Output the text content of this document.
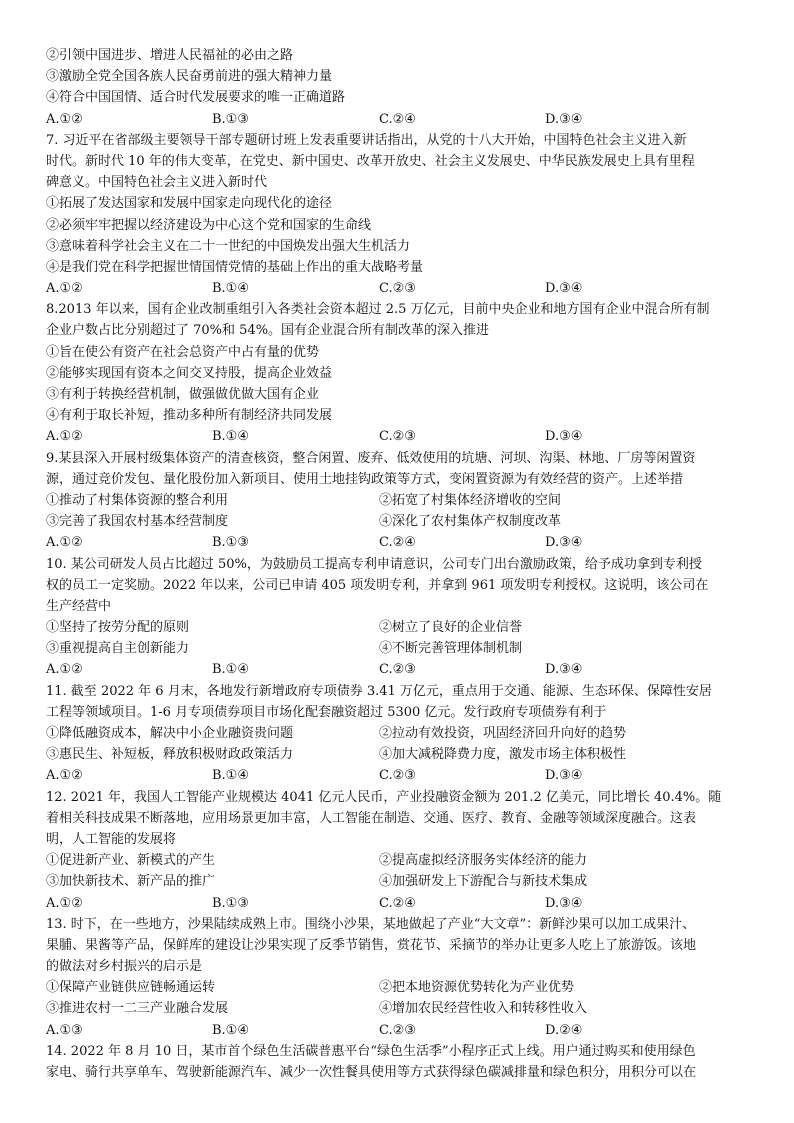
②引领中国进步、增进人民福祉的必由之路
③激励全党全国各族人民奋勇前进的强大精神力量
④符合中国国情、适合时代发展要求的唯一正确道路
A.①②	B.①③	C.②④	D.③④
7. 习近平在省部级主要领导干部专题研讨班上发表重要讲话指出，从党的十八大开始，中国特色社会主义进入新
时代。新时代 10 年的伟大变革，在党史、新中国史、改革开放史、社会主义发展史、中华民族发展史上具有里程
碑意义。中国特色社会主义进入新时代
①拓展了发达国家和发展中国家走向现代化的途径
②必须牢牢把握以经济建设为中心这个党和国家的生命线
③意味着科学社会主义在二十一世纪的中国焕发出强大生机活力
④是我们党在科学把握世情国情党情的基础上作出的重大战略考量
A.①②	B.①④	C.②③	D.③④
8.2013 年以来，国有企业改制重组引入各类社会资本超过 2.5 万亿元，目前中央企业和地方国有企业中混合所有制
企业户数占比分别超过了 70%和 54%。国有企业混合所有制改革的深入推进
①旨在使公有资产在社会总资产中占有量的优势
②能够实现国有资本之间交叉持股，提高企业效益
③有利于转换经营机制，做强做优做大国有企业
④有利于取长补短，推动多种所有制经济共同发展
A.①②	B.①④	C.②③	D.③④
9.某县深入开展村级集体资产的清查核资，整合闲置、废弃、低效使用的坑塘、河坝、沟渠、林地、厂房等闲置资
源，通过竞价发包、量化股份加入新项目、使用土地挂钩政策等方式，变闲置资源为有效经营的资产。上述举措
①推动了村集体资源的整合利用	②拓宽了村集体经济增收的空间
③完善了我国农村基本经营制度	④深化了农村集体产权制度改革
A.①②	B.①③	C.②④	D.③④
10. 某公司研发人员占比超过 50%，为鼓励员工提高专利申请意识，公司专门出台激励政策，给予成功拿到专利授
权的员工一定奖励。2022 年以来，公司已申请 405 项发明专利，并拿到 961 项发明专利授权。这说明，该公司在
生产经营中
①坚持了按劳分配的原则	②树立了良好的企业信誉
③重视提高自主创新能力	④不断完善管理体制机制
A.①②	B.①④	C.②③	D.③④
11. 截至 2022 年 6 月末，各地发行新增政府专项债券 3.41 万亿元，重点用于交通、能源、生态环保、保障性安居
工程等领域项目。1-6 月专项债券项目市场化配套融资超过 5300 亿元。发行政府专项债券有利于
①降低融资成本，解决中小企业融资贵问题	②拉动有效投资，巩固经济回升向好的趋势
③惠民生、补短板，释放积极财政政策活力	④加大减税降费力度，激发市场主体积极性
A.①②	B.①④	C.②③	D.③④
12. 2021 年，我国人工智能产业规模达 4041 亿元人民币，产业投融资金额为 201.2 亿美元，同比增长 40.4%。随
着相关科技成果不断落地，应用场景更加丰富，人工智能在制造、交通、医疗、教育、金融等领域深度融合。这表
明，人工智能的发展将
①促进新产业、新模式的产生	②提高虚拟经济服务实体经济的能力
③加快新技术、新产品的推广	④加强研发上下游配合与新技术集成
A.①②	B.①③	C.②④	D.③④
13. 时下，在一些地方，沙果陆续成熟上市。围绕小沙果，某地做起了产业“大文章”：新鲜沙果可以加工成果汁、
果脯、果酱等产品，保鲜库的建设让沙果实现了反季节销售，赏花节、采摘节的举办让更多人吃上了旅游饭。该地
的做法对乡村振兴的启示是
①保障产业链供应链畅通运转	②把本地资源优势转化为产业优势
③推进农村一二三产业融合发展	④增加农民经营性收入和转移性收入
A.①③	B.①④	C.②③	D.②④
14. 2022 年 8 月 10 日，某市首个绿色生活碳普惠平台“绿色生活季”小程序正式上线。用户通过购买和使用绿色
家电、骑行共享单车、驾驶新能源汽车、减少一次性餐具使用等方式获得绿色碳减排量和绿色积分，用积分可以在
